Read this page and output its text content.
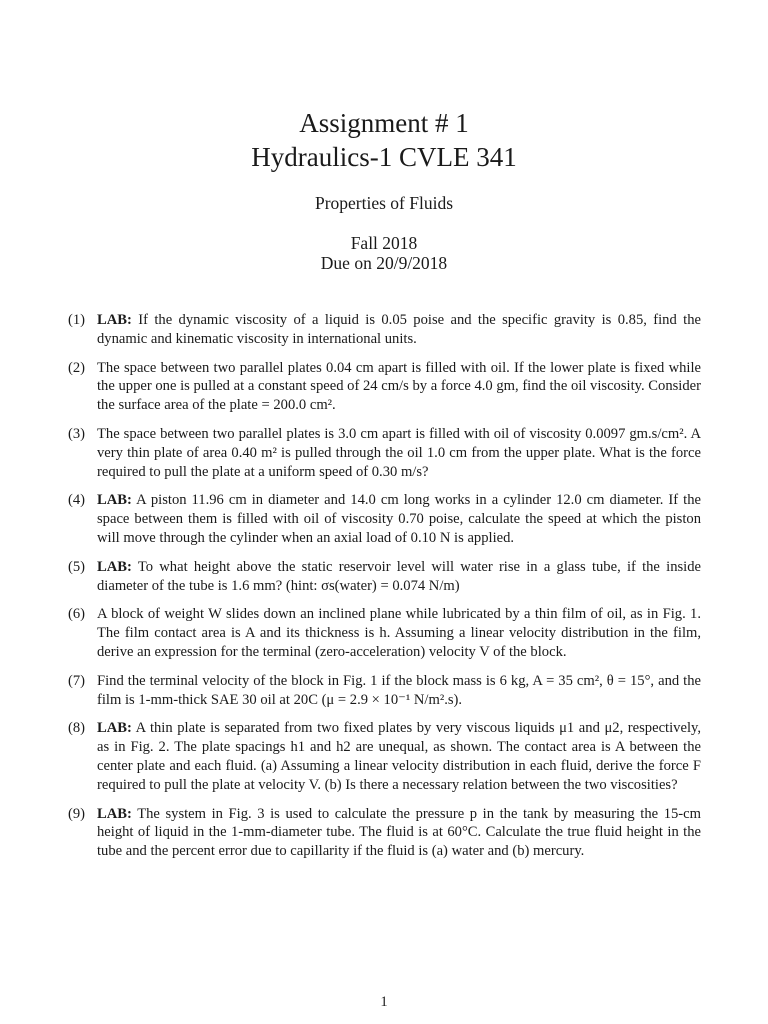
Assignment # 1

Hydraulics-1 CVLE 341

Properties of Fluids

Fall 2018

Due on 20/9/2018

(1) LAB: If the dynamic viscosity of a liquid is 0.05 poise and the specific gravity is 0.85, find the dynamic and kinematic viscosity in international units.
(2) The space between two parallel plates 0.04 cm apart is filled with oil. If the lower plate is fixed while the upper one is pulled at a constant speed of 24 cm/s by a force 4.0 gm, find the oil viscosity. Consider the surface area of the plate = 200.0 cm².
(3) The space between two parallel plates is 3.0 cm apart is filled with oil of viscosity 0.0097 gm.s/cm². A very thin plate of area 0.40 m² is pulled through the oil 1.0 cm from the upper plate. What is the force required to pull the plate at a uniform speed of 0.30 m/s?
(4) LAB: A piston 11.96 cm in diameter and 14.0 cm long works in a cylinder 12.0 cm diameter. If the space between them is filled with oil of viscosity 0.70 poise, calculate the speed at which the piston will move through the cylinder when an axial load of 0.10 N is applied.
(5) LAB: To what height above the static reservoir level will water rise in a glass tube, if the inside diameter of the tube is 1.6 mm? (hint: σs(water) = 0.074 N/m)
(6) A block of weight W slides down an inclined plane while lubricated by a thin film of oil, as in Fig. 1. The film contact area is A and its thickness is h. Assuming a linear velocity distribution in the film, derive an expression for the terminal (zero-acceleration) velocity V of the block.
(7) Find the terminal velocity of the block in Fig. 1 if the block mass is 6 kg, A = 35 cm², θ = 15°, and the film is 1-mm-thick SAE 30 oil at 20C (μ = 2.9 × 10⁻¹ N/m².s).
(8) LAB: A thin plate is separated from two fixed plates by very viscous liquids μ1 and μ2, respectively, as in Fig. 2. The plate spacings h1 and h2 are unequal, as shown. The contact area is A between the center plate and each fluid. (a) Assuming a linear velocity distribution in each fluid, derive the force F required to pull the plate at velocity V. (b) Is there a necessary relation between the two viscosities?
(9) LAB: The system in Fig. 3 is used to calculate the pressure p in the tank by measuring the 15-cm height of liquid in the 1-mm-diameter tube. The fluid is at 60°C. Calculate the true fluid height in the tube and the percent error due to capillarity if the fluid is (a) water and (b) mercury.
1
